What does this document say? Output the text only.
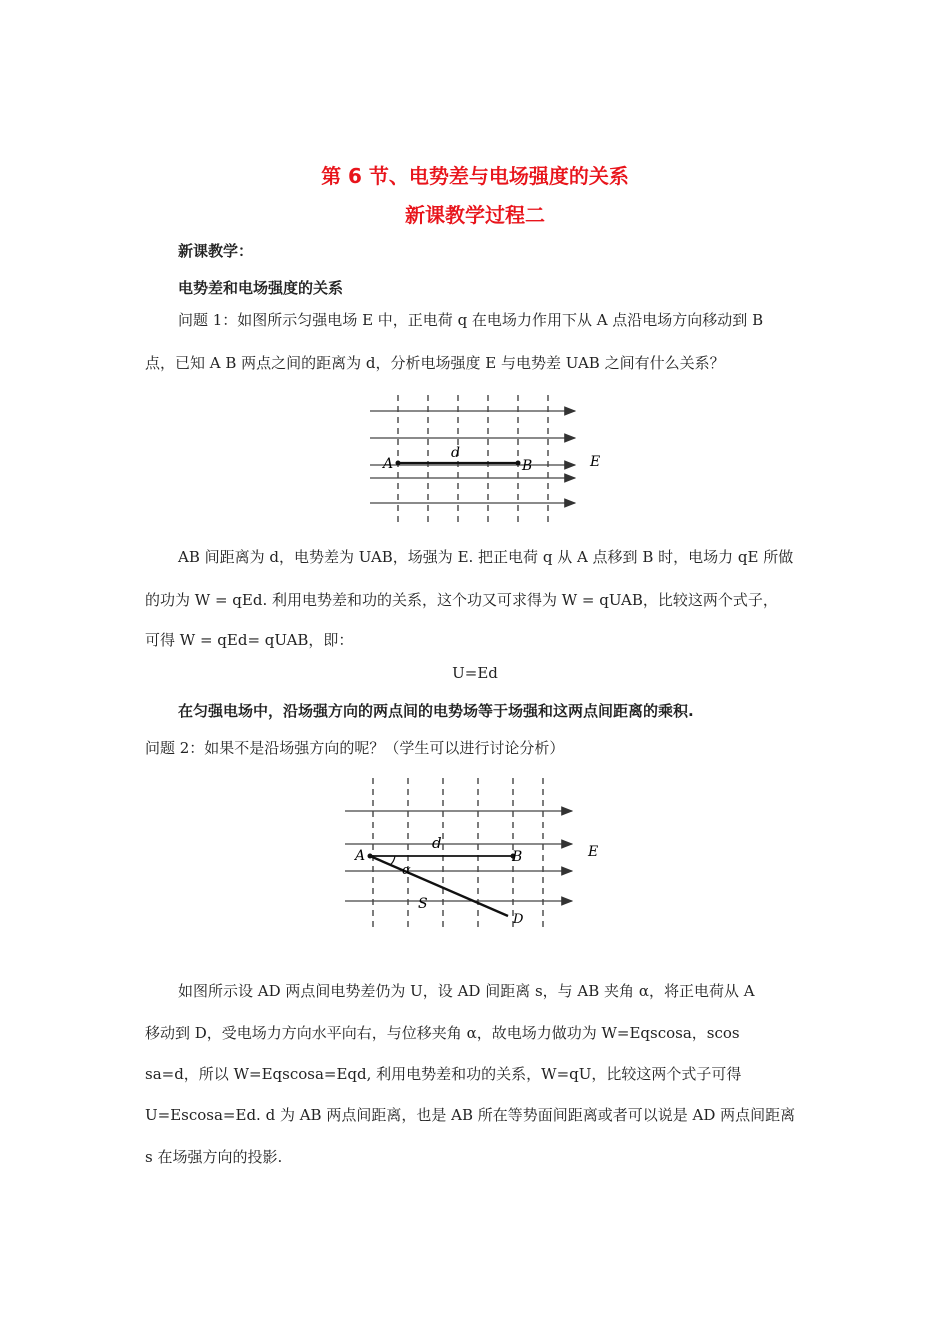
第 6 节、电势差与电场强度的关系
新课教学过程二
新课教学：
电势差和电场强度的关系
问题 1：如图所示匀强电场 E 中，正电荷 q 在电场力作用下从 A 点沿电场方向移动到 B
点，已知 A B 两点之间的距离为 d，分析电场强度 E 与电势差 UAB 之间有什么关系？
A	B
d
E
AB 间距离为 d，电势差为 UAB，场强为 E. 把正电荷 q 从 A 点移到 B 时，电场力 qE 所做
的功为 W = qEd. 利用电势差和功的关系，这个功又可求得为 W = qUAB，比较这两个式子，
可得 W = qEd= qUAB，即：
U=Ed
在匀强电场中，沿场强方向的两点间的电势场等于场强和这两点间距离的乘积.
问题 2：如果不是沿场强方向的呢？（学生可以进行讨论分析）
A	B
d	E
S
α
D
如图所示设 AD 两点间电势差仍为 U，设 AD 间距离 s，与 AB 夹角 α，将正电荷从 A
移动到 D，受电场力方向水平向右，与位移夹角 α，故电场力做功为 W=Eqscosa，scos
sa=d，所以 W=Eqscosa=Eqd, 利用电势差和功的关系，W=qU，比较这两个式子可得
U=Escosa=Ed. d 为 AB 两点间距离，也是 AB 所在等势面间距离或者可以说是 AD 两点间距离
s 在场强方向的投影.
